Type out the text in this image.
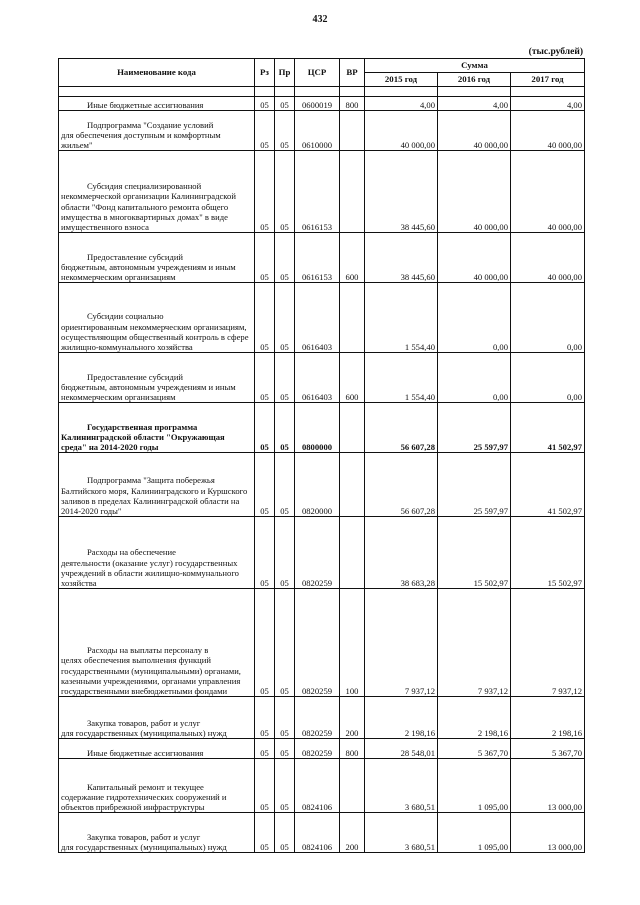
432
(тыс.рублей)
Наименование кода	Рз	Пр	ЦСР	ВР	Сумма		
					2015 год	2016 год	2017 год

Иные бюджетные ассигнования	05	05	0600019	800	4,00	4,00	4,00

Подпрограмма "Создание условий

для обеспечения доступным и комфортным жильем"	05	05	0610000		40 000,00	40 000,00	40 000,00

Субсидия специализированной

некоммерческой организации Калининградской области "Фонд капитального ремонта общего имущества в многоквартирных домах" в виде имущественного взноса	05	05	0616153		38 445,60	40 000,00	40 000,00

Предоставление субсидий

бюджетным, автономным учреждениям и иным некоммерческим организациям	05	05	0616153	600	38 445,60	40 000,00	40 000,00

Субсидии социально

ориентированным некоммерческим организациям, осуществляющим общественный контроль в сфере жилищно-коммунального хозяйства	05	05	0616403		1 554,40	0,00	0,00

Предоставление субсидий

бюджетным, автономным учреждениям и иным некоммерческим организациям	05	05	0616403	600	1 554,40	0,00	0,00

Государственная программа

Калининградской области "Окружающая среда" на 2014-2020 годы	05	05	0800000		56 607,28	25 597,97	41 502,97

Подпрограмма "Защита побережья

Балтийского моря, Калининградского и Куршского заливов в пределах Калининградской области на 2014-2020 годы"	05	05	0820000		56 607,28	25 597,97	41 502,97

Расходы на обеспечение

деятельности (оказание услуг) государственных учреждений в области жилищно-коммунального хозяйства	05	05	0820259		38 683,28	15 502,97	15 502,97

Расходы на выплаты персоналу в

целях обеспечения выполнения функций государственными (муниципальными) органами, казенными учреждениями, органами управления государственными внебюджетными фондами	05	05	0820259	100	7 937,12	7 937,12	7 937,12

Закупка товаров, работ и услуг

для государственных (муниципальных) нужд	05	05	0820259	200	2 198,16	2 198,16	2 198,16

Иные бюджетные ассигнования	05	05	0820259	800	28 548,01	5 367,70	5 367,70

Капитальный ремонт и текущее

содержание гидротехнических сооружений и объектов прибрежной инфраструктуры	05	05	0824106		3 680,51	1 095,00	13 000,00

Закупка товаров, работ и услуг

для государственных (муниципальных) нужд	05	05	0824106	200	3 680,51	1 095,00	13 000,00
